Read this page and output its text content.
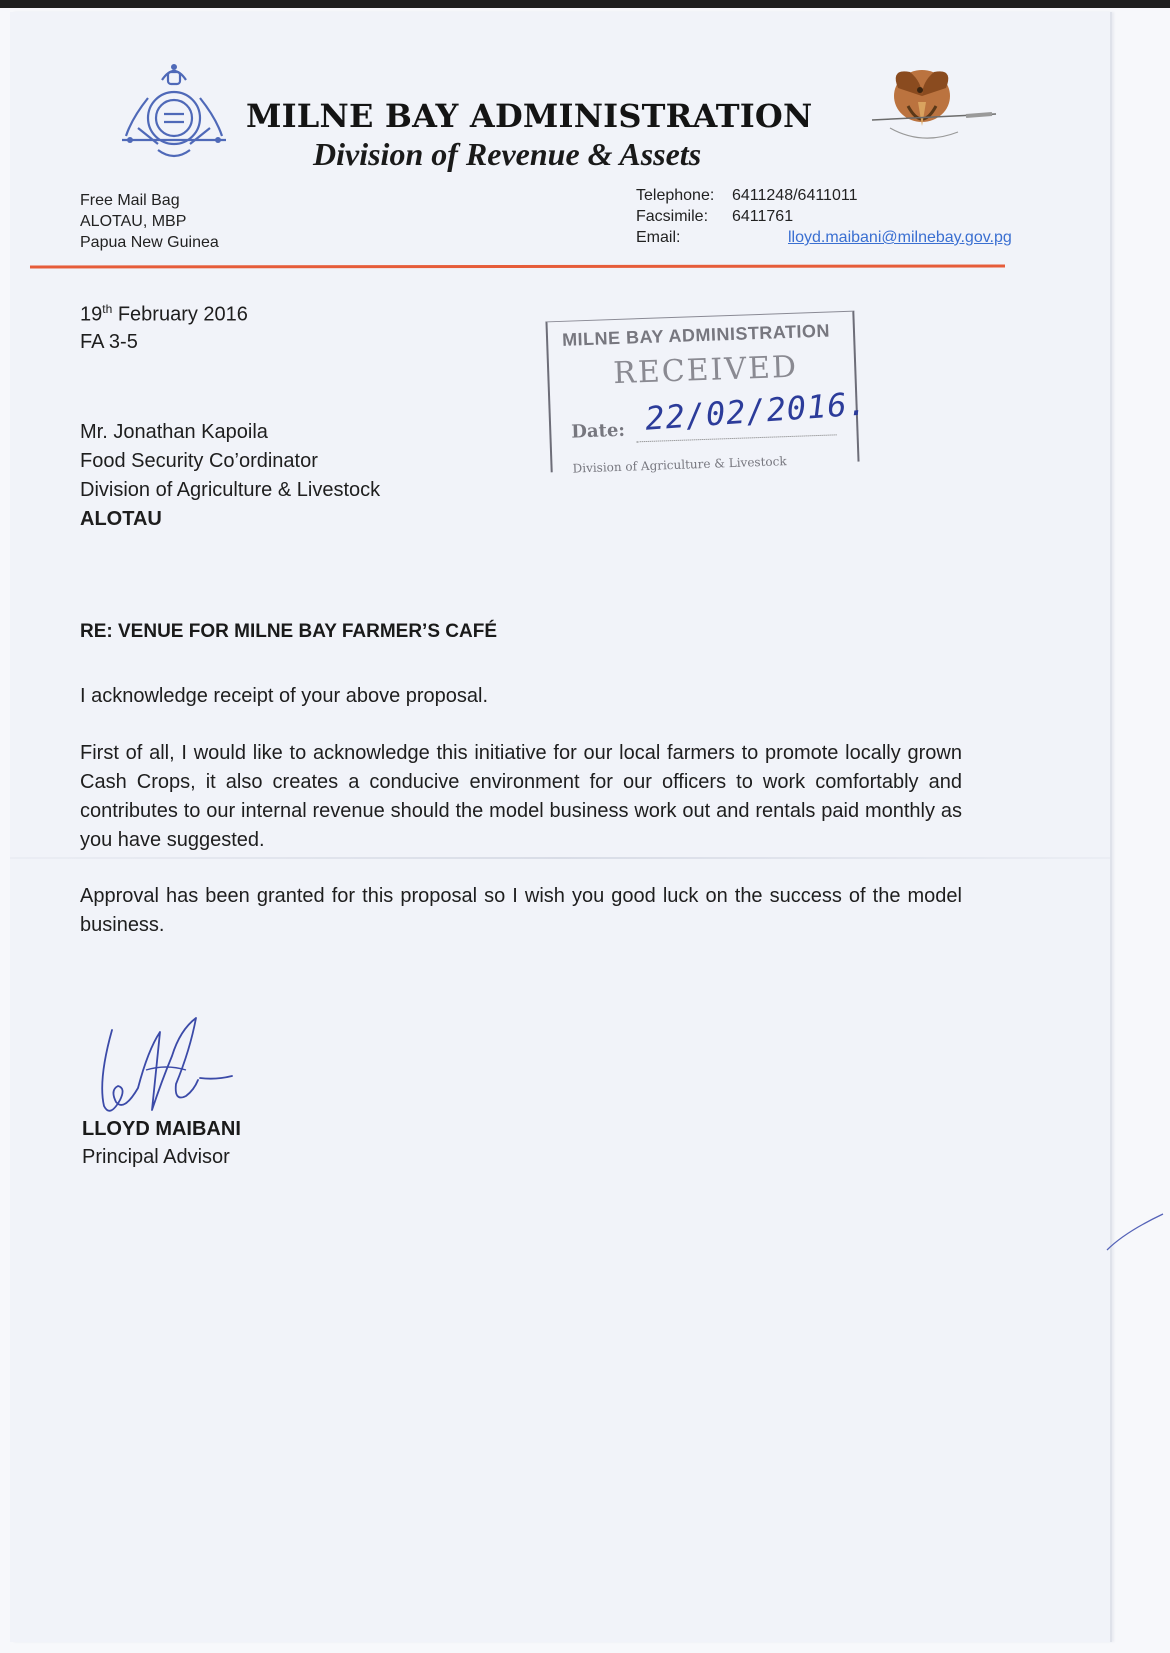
MILNE BAY ADMINISTRATION
Division of Revenue & Assets
Free Mail Bag
ALOTAU, MBP
Papua New Guinea
Telephone:	6411248/6411011
Facsimile:	6411761
Email:	lloyd.maibani@milnebay.gov.pg
19th February 2016
FA 3-5	MILNE BAY ADMINISTRATION
RECEIVED
Date:
Division of Agriculture & Livestock
22/02/2016.
Mr. Jonathan Kapoila
Food Security Co’ordinator
Division of Agriculture & Livestock
ALOTAU
RE: VENUE FOR MILNE BAY FARMER’S CAFÉ
I acknowledge receipt of your above proposal.
First of all, I would like to acknowledge this initiative for our local farmers to promote locally grown Cash Crops, it also creates a conducive environment for our officers to work comfortably and contributes to our internal revenue should the model business work out and rentals paid monthly as you have suggested.
Approval has been granted for this proposal so I wish you good luck on the success of the model business.
LLOYD MAIBANI
Principal Advisor
